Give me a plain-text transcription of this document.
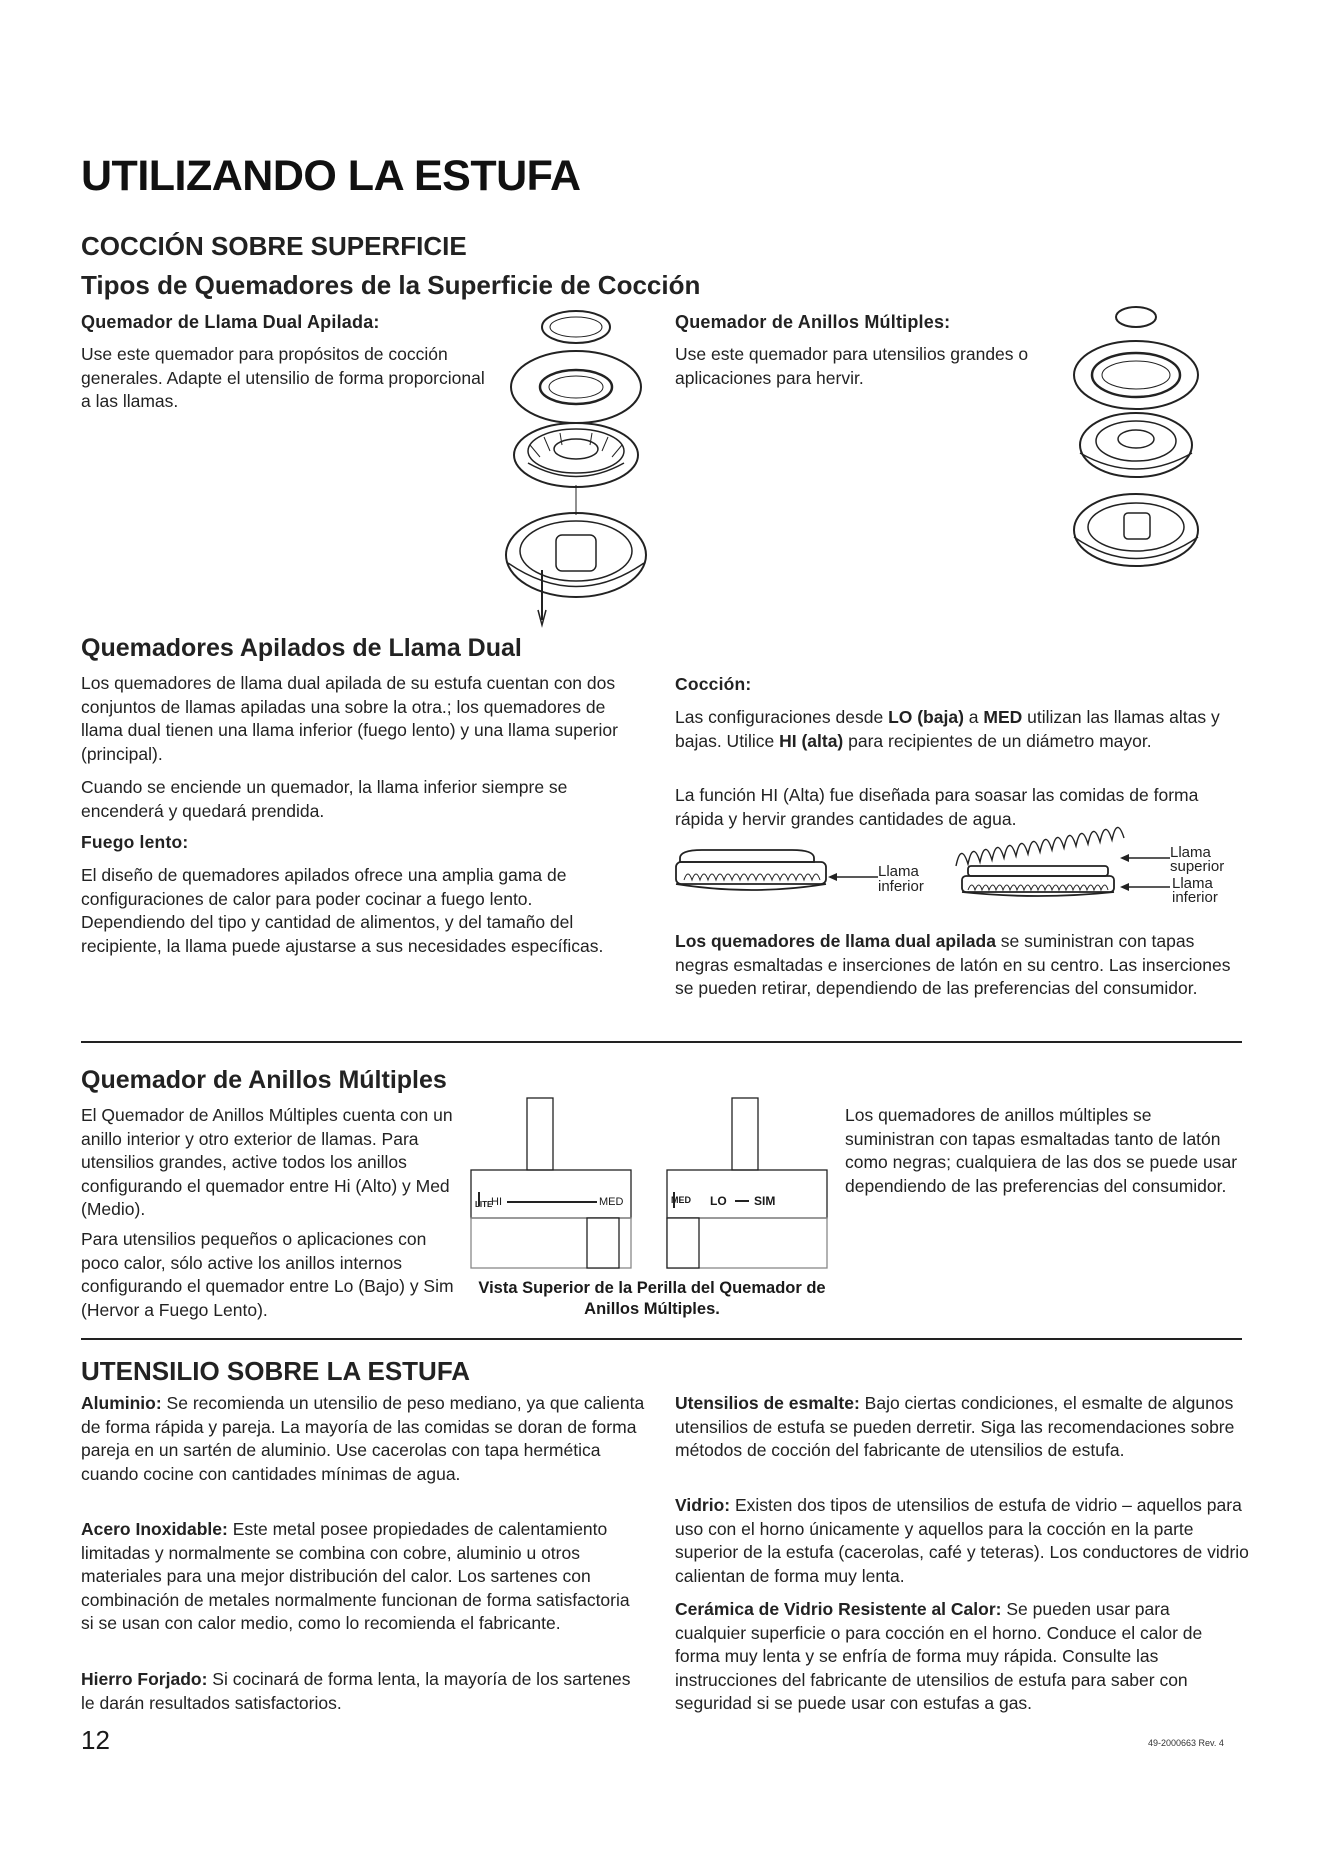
UTILIZANDO LA ESTUFA
COCCIÓN SOBRE SUPERFICIE
Tipos de Quemadores de la Superficie de Cocción
Quemador de Llama Dual Apilada:
Use este quemador para propósitos de cocción generales. Adapte el utensilio de forma proporcional a las llamas.
Quemador de Anillos Múltiples:
Use este quemador para utensilios grandes o aplicaciones para hervir.
Quemadores Apilados de Llama Dual
Los quemadores de llama dual apilada de su estufa cuentan con dos conjuntos de llamas apiladas una sobre la otra.; los quemadores de llama dual tienen una llama inferior (fuego lento) y una llama superior (principal).
Cuando se enciende un quemador, la llama inferior siempre se encenderá y quedará prendida.
Fuego lento:
El diseño de quemadores apilados ofrece una amplia gama de configuraciones de calor para poder cocinar a fuego lento. Dependiendo del tipo y cantidad de alimentos, y del tamaño del recipiente, la llama puede ajustarse a sus necesidades específicas.
Cocción:
Las configuraciones desde LO (baja) a MED utilizan las llamas altas y bajas. Utilice HI (alta) para recipientes de un diámetro mayor.
La función HI (Alta) fue diseñada para soasar las comidas de forma rápida y hervir grandes cantidades de agua.
Llama
inferior
Llama
superior
Llama
inferior
Los quemadores de llama dual apilada se suministran con tapas negras esmaltadas e inserciones de latón en su centro. Las inserciones se pueden retirar, dependiendo de las preferencias del consumidor.
Quemador de Anillos Múltiples
El Quemador de Anillos Múltiples cuenta con un anillo interior y otro exterior de llamas. Para utensilios grandes, active todos los anillos configurando el quemador entre Hi (Alto) y Med (Medio).
Para utensilios pequeños o aplicaciones con poco calor, sólo active los anillos internos configurando el quemador entre Lo (Bajo) y Sim (Hervor a Fuego Lento).
LITE
HI	MED	MED LO SIM
Vista Superior de la Perilla del Quemador de Anillos Múltiples.
Los quemadores de anillos múltiples se suministran con tapas esmaltadas tanto de latón como negras; cualquiera de las dos se puede usar dependiendo de las preferencias del consumidor.
UTENSILIO SOBRE LA ESTUFA
Aluminio: Se recomienda un utensilio de peso mediano, ya que calienta de forma rápida y pareja. La mayoría de las comidas se doran de forma pareja en un sartén de aluminio. Use cacerolas con tapa hermética cuando cocine con cantidades mínimas de agua.
Acero Inoxidable: Este metal posee propiedades de calentamiento limitadas y normalmente se combina con cobre, aluminio u otros materiales para una mejor distribución del calor. Los sartenes con combinación de metales normalmente funcionan de forma satisfactoria si se usan con calor medio, como lo recomienda el fabricante.
Hierro Forjado: Si cocinará de forma lenta, la mayoría de los sartenes le darán resultados satisfactorios.
Utensilios de esmalte: Bajo ciertas condiciones, el esmalte de algunos utensilios de estufa se pueden derretir. Siga las recomendaciones sobre métodos de cocción del fabricante de utensilios de estufa.
Vidrio: Existen dos tipos de utensilios de estufa de vidrio – aquellos para uso con el horno únicamente y aquellos para la cocción en la parte superior de la estufa (cacerolas, café y teteras). Los conductores de vidrio calientan de forma muy lenta.
Cerámica de Vidrio Resistente al Calor: Se pueden usar para cualquier superficie o para cocción en el horno. Conduce el calor de forma muy lenta y se enfría de forma muy rápida. Consulte las instrucciones del fabricante de utensilios de estufa para saber con seguridad si se puede usar con estufas a gas.
12	49-2000663 Rev. 4
